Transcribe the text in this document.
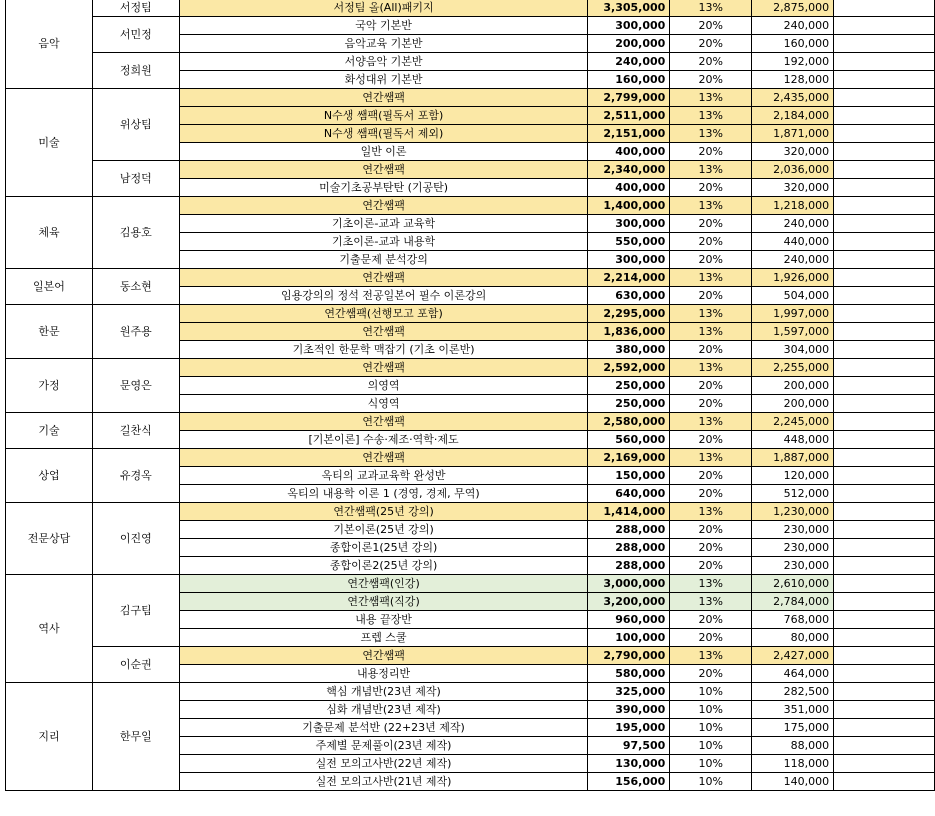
음악	서정팀	서정팀 올(All)패키지	3,305,000	13%	2,875,000	
	서민정	국악 기본반	300,000	20%	240,000	
		음악교육 기본반	200,000	20%	160,000	
	정희원	서양음악 기본반	240,000	20%	192,000	
		화성대위 기본반	160,000	20%	128,000	
미술	위상팀	연간쌤팩	2,799,000	13%	2,435,000	
		N수생 쌤팩(필독서 포함)	2,511,000	13%	2,184,000	
		N수생 쌤팩(필독서 제외)	2,151,000	13%	1,871,000	
		일반 이론	400,000	20%	320,000	
	남정덕	연간쌤팩	2,340,000	13%	2,036,000	
		미술기초공부탄탄 (기공탄)	400,000	20%	320,000	
체육	김용호	연간쌤팩	1,400,000	13%	1,218,000	
		기초이론-교과 교육학	300,000	20%	240,000	
		기초이론-교과 내용학	550,000	20%	440,000	
		기출문제 분석강의	300,000	20%	240,000	
일본어	동소현	연간쌤팩	2,214,000	13%	1,926,000	
		임용강의의 정석 전공일본어 필수 이론강의	630,000	20%	504,000	
한문	원주용	연간쌤팩(선행모고 포함)	2,295,000	13%	1,997,000	
		연간쌤팩	1,836,000	13%	1,597,000	
		기초적인 한문학 맥잡기 (기초 이론반)	380,000	20%	304,000	
가정	문영은	연간쌤팩	2,592,000	13%	2,255,000	
		의영역	250,000	20%	200,000	
		식영역	250,000	20%	200,000	
기술	길찬식	연간쌤팩	2,580,000	13%	2,245,000	
		[기본이론] 수송·제조·역학·제도	560,000	20%	448,000	
상업	유경옥	연간쌤팩	2,169,000	13%	1,887,000	
		옥티의 교과교육학 완성반	150,000	20%	120,000	
		옥티의 내용학 이론 1 (경영, 경제, 무역)	640,000	20%	512,000	
전문상담	이진영	연간쌤팩(25년 강의)	1,414,000	13%	1,230,000	
		기본이론(25년 강의)	288,000	20%	230,000	
		종합이론1(25년 강의)	288,000	20%	230,000	
		종합이론2(25년 강의)	288,000	20%	230,000	
역사	김구팀	연간쌤팩(인강)	3,000,000	13%	2,610,000	
		연간쌤팩(직강)	3,200,000	13%	2,784,000	
		내용 끝장반	960,000	20%	768,000	
		프렙 스쿨	100,000	20%	80,000	
	이순권	연간쌤팩	2,790,000	13%	2,427,000	
		내용정리반	580,000	20%	464,000	
지리	한무일	핵심 개념반(23년 제작)	325,000	10%	282,500	
		심화 개념반(23년 제작)	390,000	10%	351,000	
		기출문제 분석반 (22+23년 제작)	195,000	10%	175,000	
		주제별 문제풀이(23년 제작)	97,500	10%	88,000	
		실전 모의고사반(22년 제작)	130,000	10%	118,000	
		실전 모의고사반(21년 제작)	156,000	10%	140,000	
